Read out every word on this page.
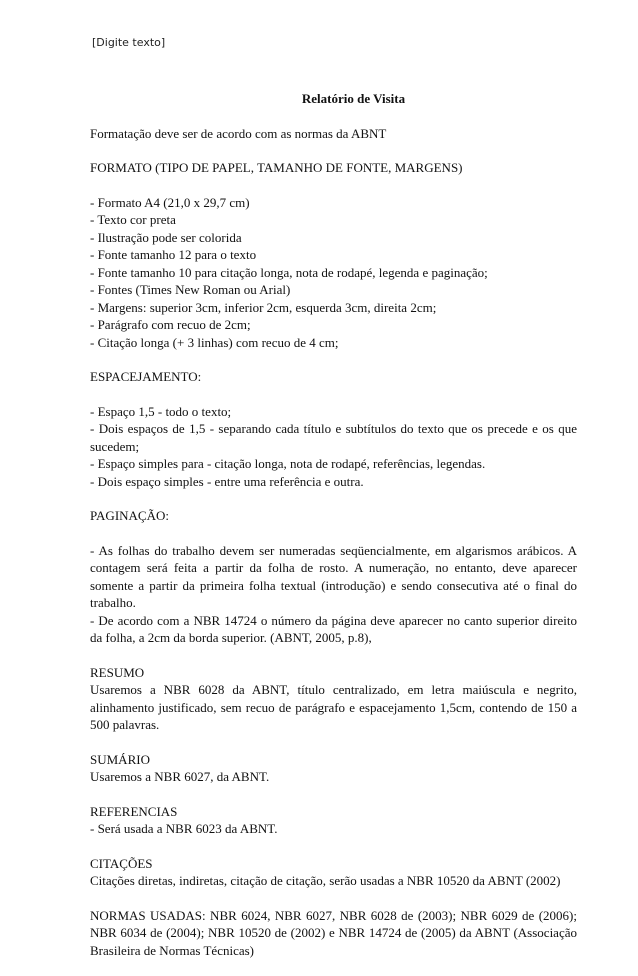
[Digite texto]
Relatório de Visita
Formatação deve ser de acordo com as normas da ABNT
FORMATO (TIPO DE PAPEL, TAMANHO DE FONTE, MARGENS)
- Formato A4 (21,0 x 29,7 cm)
- Texto cor preta
- Ilustração pode ser colorida
- Fonte tamanho 12 para o texto
- Fonte tamanho 10 para citação longa, nota de rodapé, legenda e paginação;
- Fontes (Times New Roman ou Arial)
- Margens: superior 3cm, inferior 2cm, esquerda 3cm, direita 2cm;
- Parágrafo com recuo de 2cm;
- Citação longa (+ 3 linhas) com recuo de 4 cm;
ESPACEJAMENTO:
- Espaço 1,5 - todo o texto;
- Dois espaços de 1,5 - separando cada título e subtítulos do texto que os precede e os que sucedem;
- Espaço simples para - citação longa, nota de rodapé, referências, legendas.
- Dois espaço simples - entre uma referência e outra.
PAGINAÇÃO:
- As folhas do trabalho devem ser numeradas seqüencialmente, em algarismos arábicos. A contagem será feita a partir da folha de rosto. A numeração, no entanto, deve aparecer somente a partir da primeira folha textual (introdução) e sendo consecutiva até o final do trabalho.
- De acordo com a NBR 14724 o número da página deve aparecer no canto superior direito da folha, a 2cm da borda superior. (ABNT, 2005, p.8),
RESUMO
Usaremos a NBR 6028 da ABNT, título centralizado, em letra maiúscula e negrito, alinhamento justificado, sem recuo de parágrafo e espacejamento 1,5cm, contendo de 150 a 500 palavras.
SUMÁRIO
Usaremos a NBR 6027, da ABNT.
REFERENCIAS
- Será usada a NBR 6023 da ABNT.
CITAÇÕES
Citações diretas, indiretas, citação de citação, serão usadas a NBR 10520 da ABNT (2002)
NORMAS USADAS: NBR 6024, NBR 6027, NBR 6028 de (2003); NBR 6029 de (2006); NBR 6034 de (2004); NBR 10520 de (2002) e NBR 14724 de (2005) da ABNT (Associação Brasileira de Normas Técnicas)
